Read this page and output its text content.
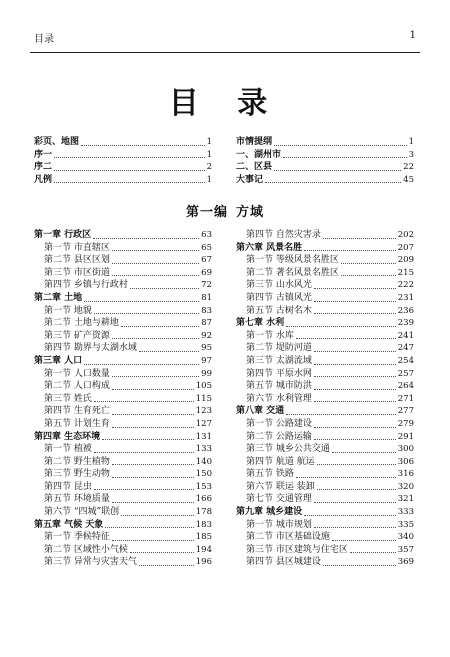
目录	1
目 录
彩页、地图	1
序一	1
序二	2
凡例	1
市情提纲	1
一、湖州市	3
二、区县	22
大事记	45
第一编 方域
第一章 行政区	63
第一节 市直辖区	65
第二节 县区区划	67
第三节 市区街道	69
第四节 乡镇与行政村	72
第二章 土地	81
第一节 地貌	83
第二节 土地与耕地	87
第三节 矿产资源	92
第四节 勘界与太湖水域	95
第三章 人口	97
第一节 人口数量	99
第二节 人口构成	105
第三节 姓氏	115
第四节 生育死亡	123
第五节 计划生育	127
第四章 生态环境	131
第一节 植被	133
第二节 野生植物	140
第三节 野生动物	150
第四节 昆虫	153
第五节 环境质量	166
第六节 “四城”联创	178
第五章 气候 天象	183
第一节 季候特征	185
第二节 区域性小气候	194
第三节 异常与灾害天气	196
第四节 自然灾害录	202
第六章 风景名胜	207
第一节 等级风景名胜区	209
第二节 著名风景名胜区	215
第三节 山水风光	222
第四节 古镇风光	231
第五节 古树名木	236
第七章 水利	239
第一节 水库	241
第二节 堤防河道	247
第三节 太湖流域	254
第四节 平原水网	257
第五节 城市防洪	264
第六节 水利管理	271
第八章 交通	277
第一节 公路建设	279
第二节 公路运输	291
第三节 城乡公共交通	300
第四节 航道 航运	306
第五节 铁路	316
第六节 联运 装卸	320
第七节 交通管理	321
第九章 城乡建设	333
第一节 城市规划	335
第二节 市区基础设施	340
第三节 市区建筑与住宅区	357
第四节 县区城建设	369
